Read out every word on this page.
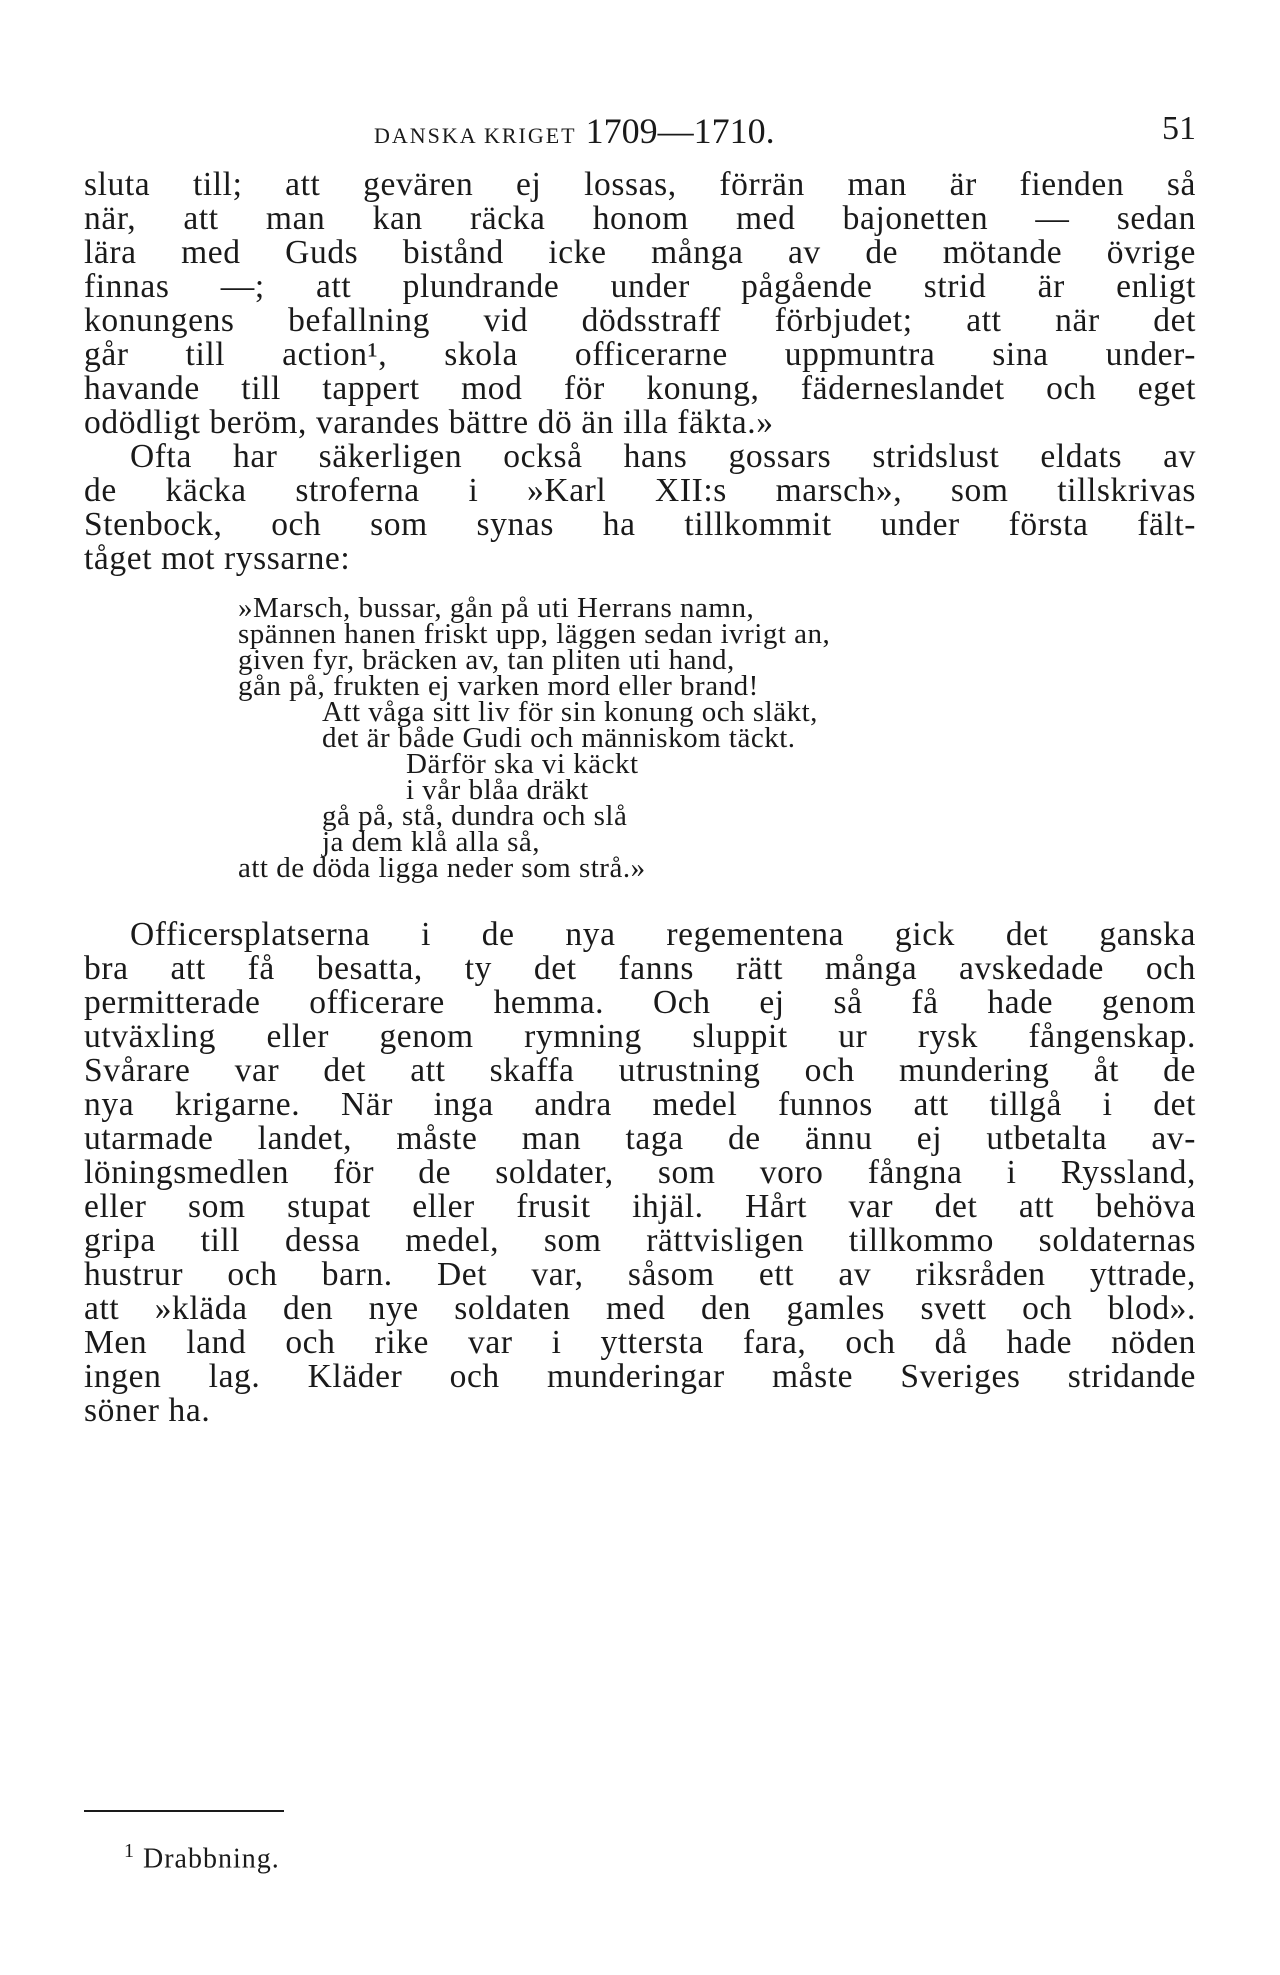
DANSKA KRIGET 1709—1710.	51
sluta till; att gevären ej lossas, förrän man är fienden så
när, att man kan räcka honom med bajonetten — sedan
lära med Guds bistånd icke många av de mötande övrige
finnas —; att plundrande under pågående strid är enligt
konungens befallning vid dödsstraff förbjudet; att när det
går till action¹, skola officerarne uppmuntra sina under-
havande till tappert mod för konung, fäderneslandet och eget
odödligt beröm, varandes bättre dö än illa fäkta.»
Ofta har säkerligen också hans gossars stridslust eldats av
de käcka stroferna i »Karl XII:s marsch», som tillskrivas
Stenbock, och som synas ha tillkommit under första fält-
tåget mot ryssarne:
»Marsch, bussar, gån på uti Herrans namn,
spännen hanen friskt upp, läggen sedan ivrigt an,
given fyr, bräcken av, tan pliten uti hand,
gån på, frukten ej varken mord eller brand!
Att våga sitt liv för sin konung och släkt,
det är både Gudi och människom täckt.
Därför ska vi käckt
i vår blåa dräkt
gå på, stå, dundra och slå
ja dem klå alla så,
att de döda ligga neder som strå.»
Officersplatserna i de nya regementena gick det ganska
bra att få besatta, ty det fanns rätt många avskedade och
permitterade officerare hemma. Och ej så få hade genom
utväxling eller genom rymning sluppit ur rysk fångenskap.
Svårare var det att skaffa utrustning och mundering åt de
nya krigarne. När inga andra medel funnos att tillgå i det
utarmade landet, måste man taga de ännu ej utbetalta av-
löningsmedlen för de soldater, som voro fångna i Ryssland,
eller som stupat eller frusit ihjäl. Hårt var det att behöva
gripa till dessa medel, som rättvisligen tillkommo soldaternas
hustrur och barn. Det var, såsom ett av riksråden yttrade,
att »kläda den nye soldaten med den gamles svett och blod».
Men land och rike var i yttersta fara, och då hade nöden
ingen lag. Kläder och munderingar måste Sveriges stridande
söner ha.
$^1$ Drabbning.
